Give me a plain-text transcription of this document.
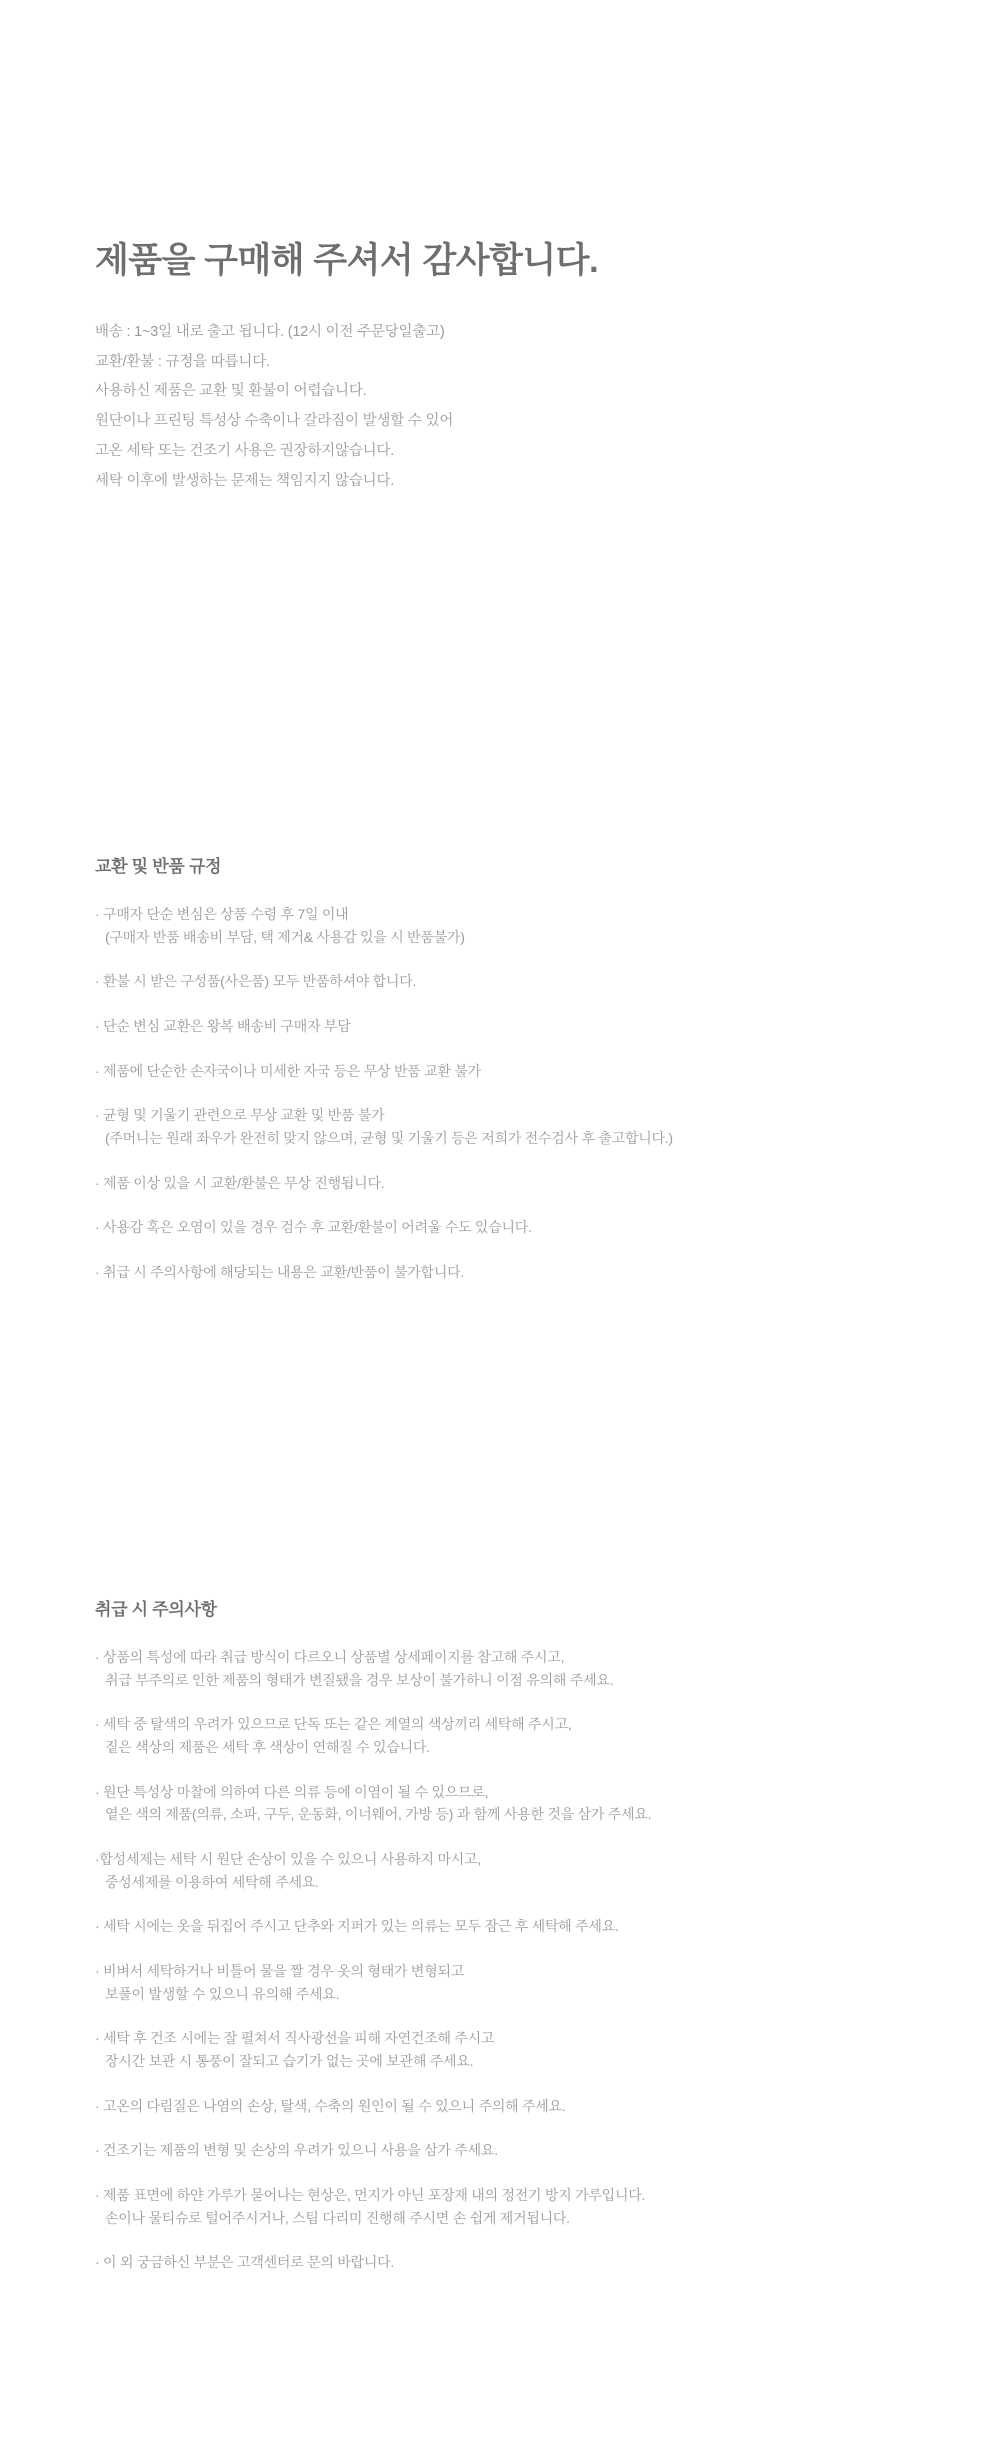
제품을 구매해 주셔서 감사합니다.
배송 : 1~3일 내로 출고 됩니다. (12시 이전 주문당일출고)
교환/환불 : 규정을 따릅니다.
사용하신 제품은 교환 및 환불이 어렵습니다.
원단이나 프린팅 특성상 수축이나 갈라짐이 발생할 수 있어
고온 세탁 또는 건조기 사용은 권장하지않습니다.
세탁 이후에 발생하는 문제는 책임지지 않습니다.
교환 및 반품 규정
· 구매자 단순 변심은 상품 수령 후 7일 이내
(구매자 반품 배송비 부담, 택 제거& 사용감 있을 시 반품불가)
· 환불 시 받은 구성품(사은품) 모두 반품하셔야 합니다.
· 단순 변심 교환은 왕복 배송비 구매자 부담
· 제품에 단순한 손자국이나 미세한 자국 등은 무상 반품 교환 불가
· 균형 및 기울기 관련으로 무상 교환 및 반품 불가
(주머니는 원래 좌우가 완전히 맞지 않으며, 균형 및 기울기 등은 저희가 전수검사 후 출고합니다.)
· 제품 이상 있을 시 교환/환불은 무상 진행됩니다.
· 사용감 혹은 오염이 있을 경우 검수 후 교환/환불이 어려울 수도 있습니다.
· 취급 시 주의사항에 해당되는 내용은 교환/반품이 불가합니다.
취급 시 주의사항
· 상품의 특성에 따라 취급 방식이 다르오니 상품별 상세페이지를 참고해 주시고,
취급 부주의로 인한 제품의 형태가 변질됐을 경우 보상이 불가하니 이점 유의해 주세요.
· 세탁 중 탈색의 우려가 있으므로 단독 또는 같은 계열의 색상끼리 세탁해 주시고,
짙은 색상의 제품은 세탁 후 색상이 연해질 수 있습니다.
· 원단 특성상 마찰에 의하여 다른 의류 등에 이염이 될 수 있으므로,
옅은 색의 제품(의류, 소파, 구두, 운동화, 이너웨어, 가방 등) 과 함께 사용한 것을 삼가 주세요.
·합성세제는 세탁 시 원단 손상이 있을 수 있으니 사용하지 마시고,
중성세제를 이용하여 세탁해 주세요.
· 세탁 시에는 옷을 뒤집어 주시고 단추와 지퍼가 있는 의류는 모두 잠근 후 세탁해 주세요.
· 비벼서 세탁하거나 비틀어 물을 짤 경우 옷의 형태가 변형되고
보풀이 발생할 수 있으니 유의해 주세요.
· 세탁 후 건조 시에는 잘 펼쳐서 직사광선을 피해 자연건조해 주시고
장시간 보관 시 통풍이 잘되고 습기가 없는 곳에 보관해 주세요.
· 고온의 다림질은 나염의 손상, 탈색, 수축의 원인이 될 수 있으니 주의해 주세요.
· 건조기는 제품의 변형 및 손상의 우려가 있으니 사용을 삼가 주세요.
· 제품 표면에 하얀 가루가 묻어나는 현상은, 먼지가 아닌 포장재 내의 정전기 방지 가루입니다.
손이나 물티슈로 털어주시거나, 스팀 다리미 진행해 주시면 손 쉽게 제거됩니다.
· 이 외 궁금하신 부분은 고객센터로 문의 바랍니다.
